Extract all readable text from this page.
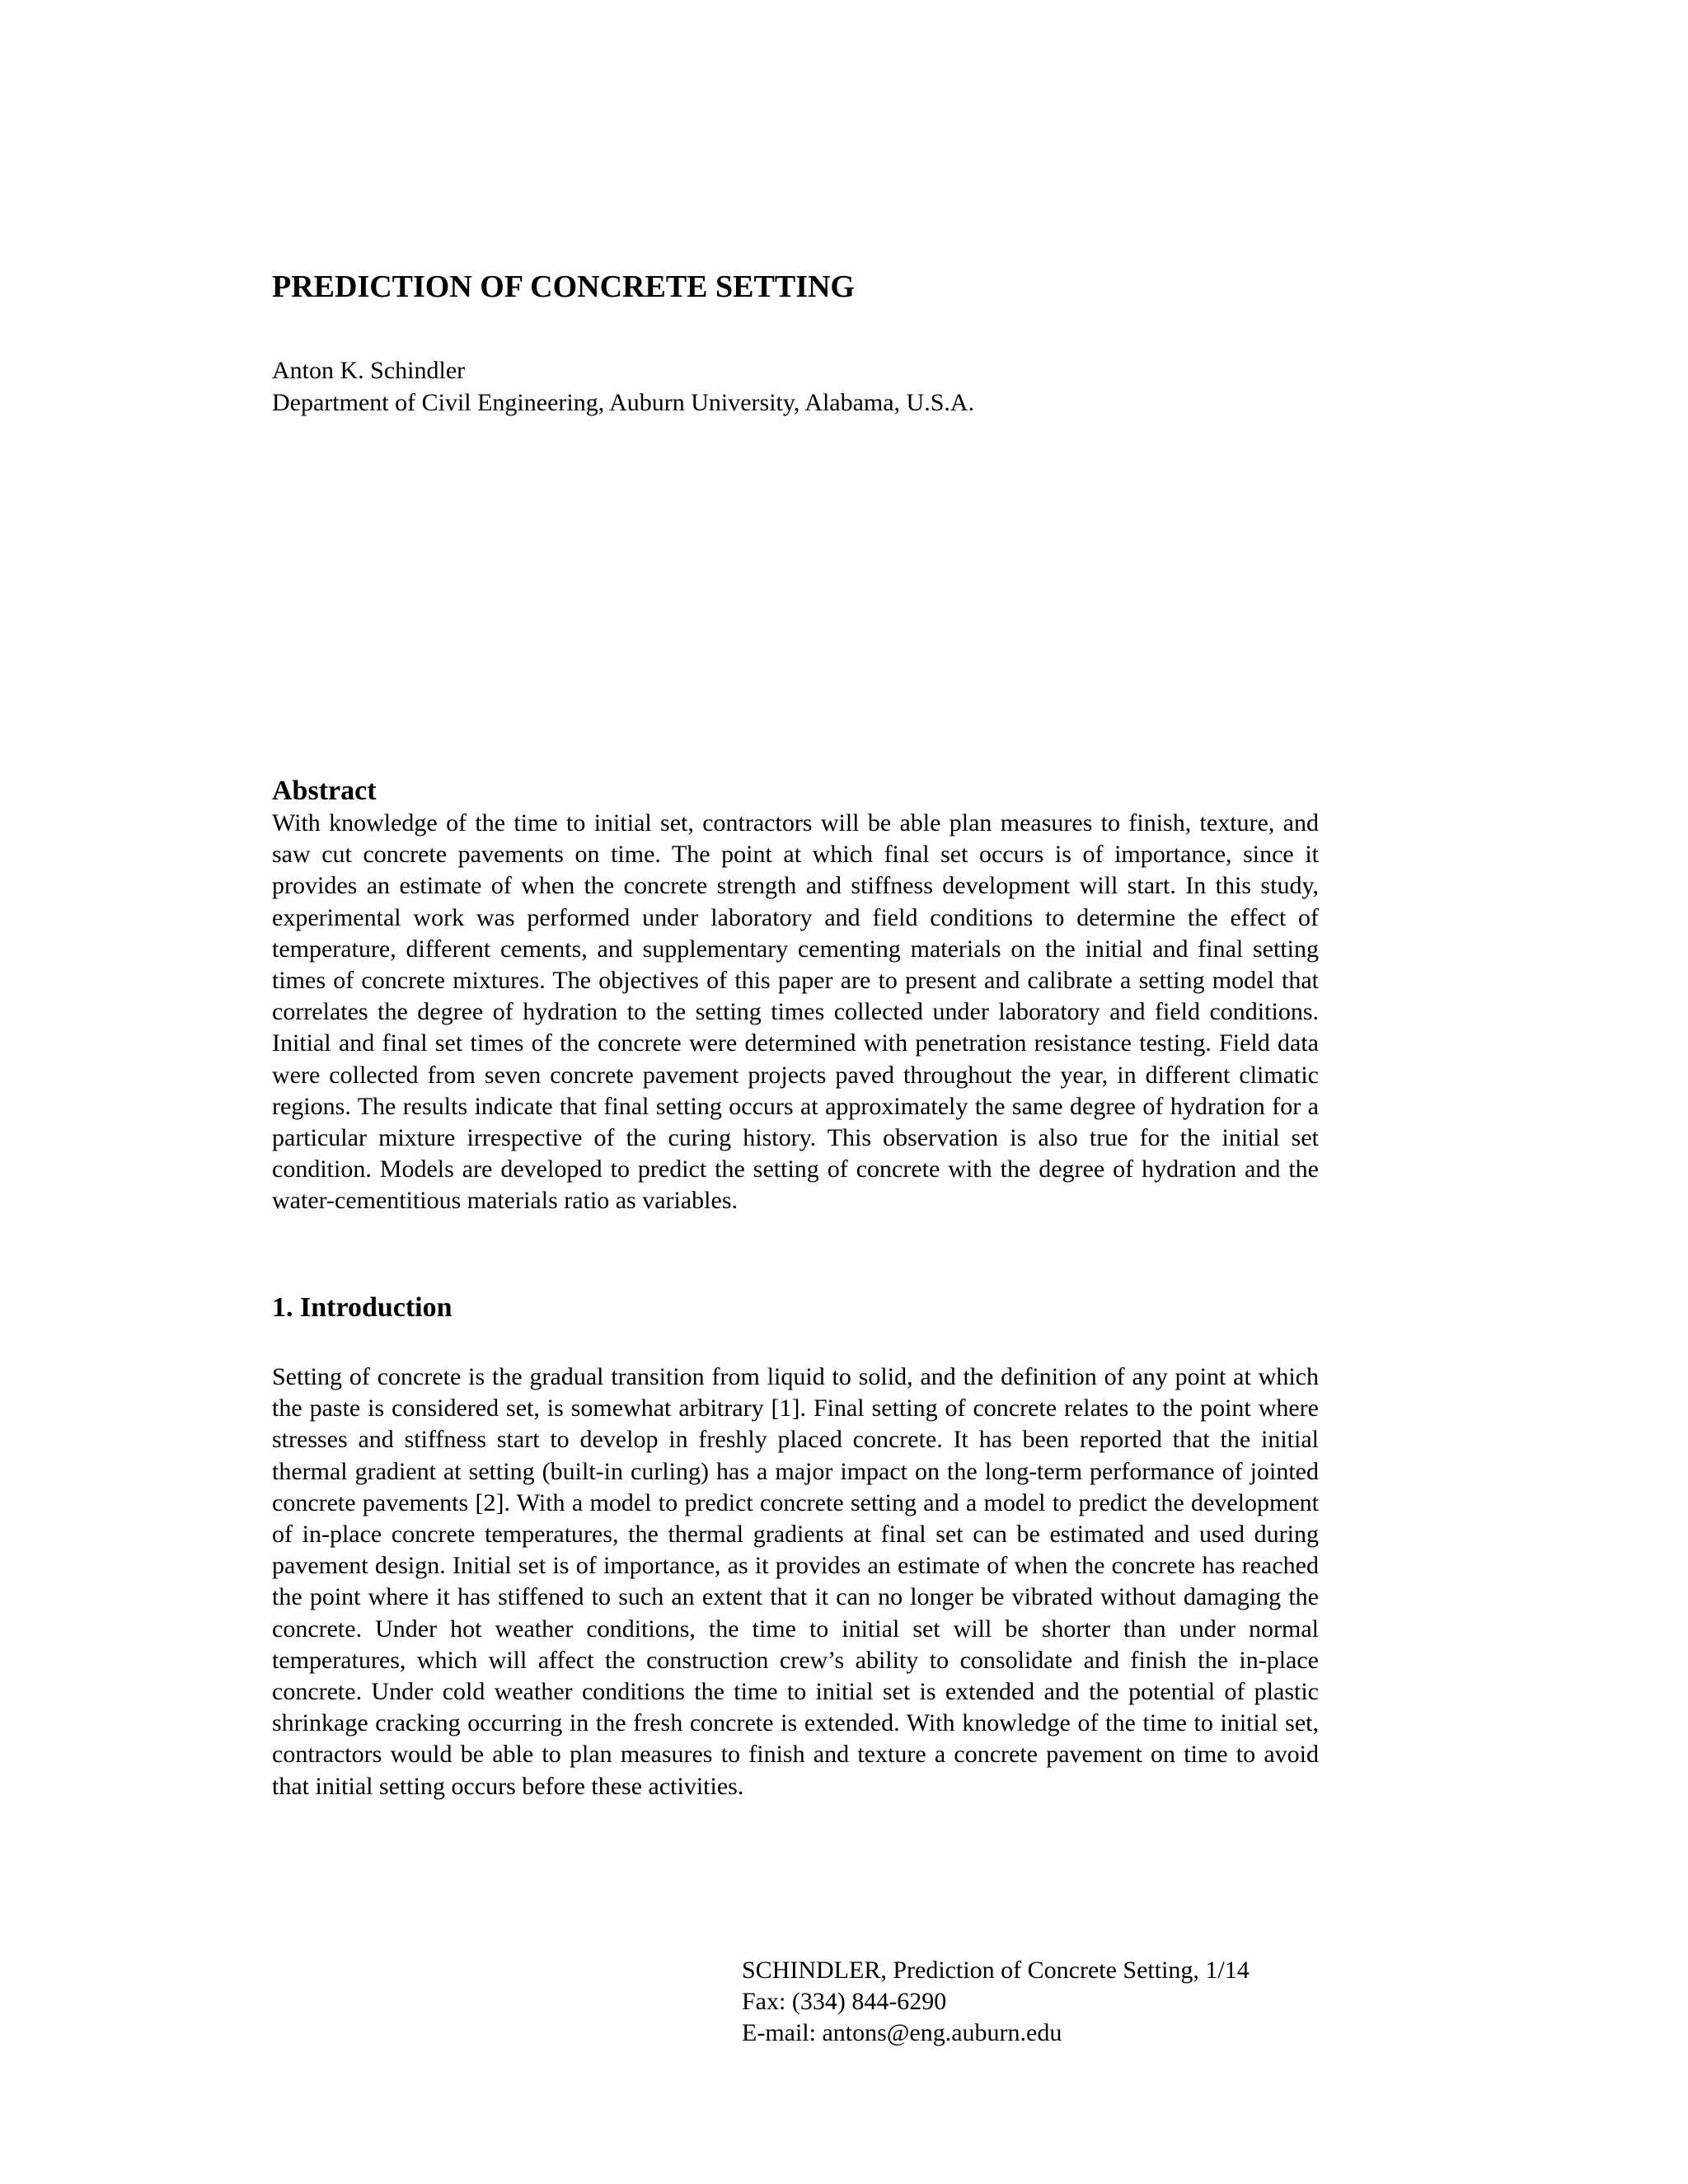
PREDICTION OF CONCRETE SETTING
Anton K. Schindler
Department of Civil Engineering, Auburn University, Alabama, U.S.A.
Abstract

With knowledge of the time to initial set, contractors will be able plan measures to finish, texture, and saw cut concrete pavements on time. The point at which final set occurs is of importance, since it provides an estimate of when the concrete strength and stiffness development will start. In this study, experimental work was performed under laboratory and field conditions to determine the effect of temperature, different cements, and supplementary cementing materials on the initial and final setting times of concrete mixtures. The objectives of this paper are to present and calibrate a setting model that correlates the degree of hydration to the setting times collected under laboratory and field conditions. Initial and final set times of the concrete were determined with penetration resistance testing. Field data were collected from seven concrete pavement projects paved throughout the year, in different climatic regions. The results indicate that final setting occurs at approximately the same degree of hydration for a particular mixture irrespective of the curing history. This observation is also true for the initial set condition. Models are developed to predict the setting of concrete with the degree of hydration and the water-cementitious materials ratio as variables.

1. Introduction

Setting of concrete is the gradual transition from liquid to solid, and the definition of any point at which the paste is considered set, is somewhat arbitrary [1]. Final setting of concrete relates to the point where stresses and stiffness start to develop in freshly placed concrete. It has been reported that the initial thermal gradient at setting (built-in curling) has a major impact on the long-term performance of jointed concrete pavements [2]. With a model to predict concrete setting and a model to predict the development of in-place concrete temperatures, the thermal gradients at final set can be estimated and used during pavement design. Initial set is of importance, as it provides an estimate of when the concrete has reached the point where it has stiffened to such an extent that it can no longer be vibrated without damaging the concrete. Under hot weather conditions, the time to initial set will be shorter than under normal temperatures, which will affect the construction crew’s ability to consolidate and finish the in-place concrete. Under cold weather conditions the time to initial set is extended and the potential of plastic shrinkage cracking occurring in the fresh concrete is extended. With knowledge of the time to initial set, contractors would be able to plan measures to finish and texture a concrete pavement on time to avoid that initial setting occurs before these activities.

SCHINDLER, Prediction of Concrete Setting, 1/14
Fax: (334) 844-6290
E-mail: antons@eng.auburn.edu
